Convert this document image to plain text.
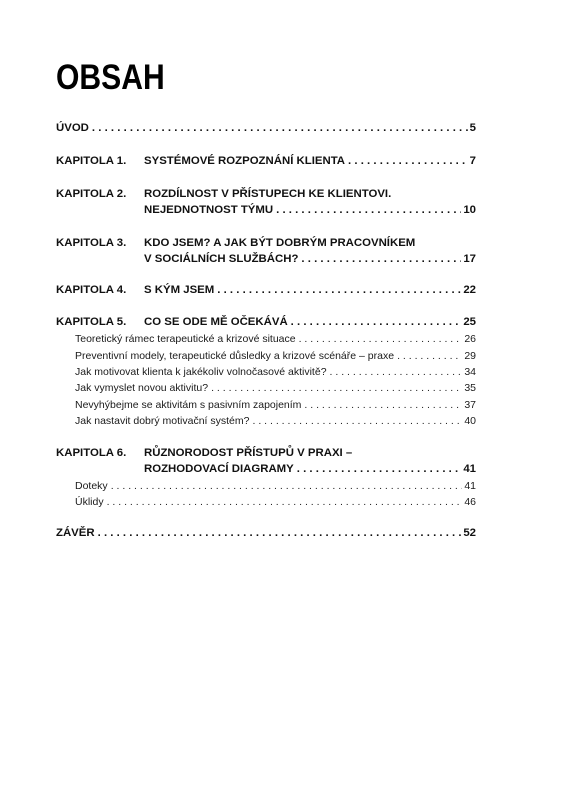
OBSAH
ÚVOD . . .	5
KAPITOLA 1.	SYSTÉMOVÉ ROZPOZNÁNÍ KLIENTA . . .	7
KAPITOLA 2.	ROZDÍLNOST V PŘÍSTUPECH KE KLIENTOVI.
NEJEDNOTNOST TÝMU . . .	10
KAPITOLA 3.	KDO JSEM? A JAK BÝT DOBRÝM PRACOVNÍKEM
V SOCIÁLNÍCH SLUŽBÁCH? . . .	17
KAPITOLA 4.	S KÝM JSEM . . .	22
KAPITOLA 5.	CO SE ODE MĚ OČEKÁVÁ . . .	25
Teoretický rámec terapeutické a krizové situace . . .	26
Preventivní modely, terapeutické důsledky a krizové scénáře – praxe . . .	29
Jak motivovat klienta k jakékoliv volnočasové aktivitě? . . .	34
Jak vymyslet novou aktivitu? . . .	35
Nevyhýbejme se aktivitám s pasivním zapojením . . .	37
Jak nastavit dobrý motivační systém? . . .	40
KAPITOLA 6.	RŮZNORODOST PŘÍSTUPŮ V PRAXI –
ROZHODOVACÍ DIAGRAMY . . .	41
Doteky . . .	41
Úklidy . . .	46
ZÁVĚR . . .	52
